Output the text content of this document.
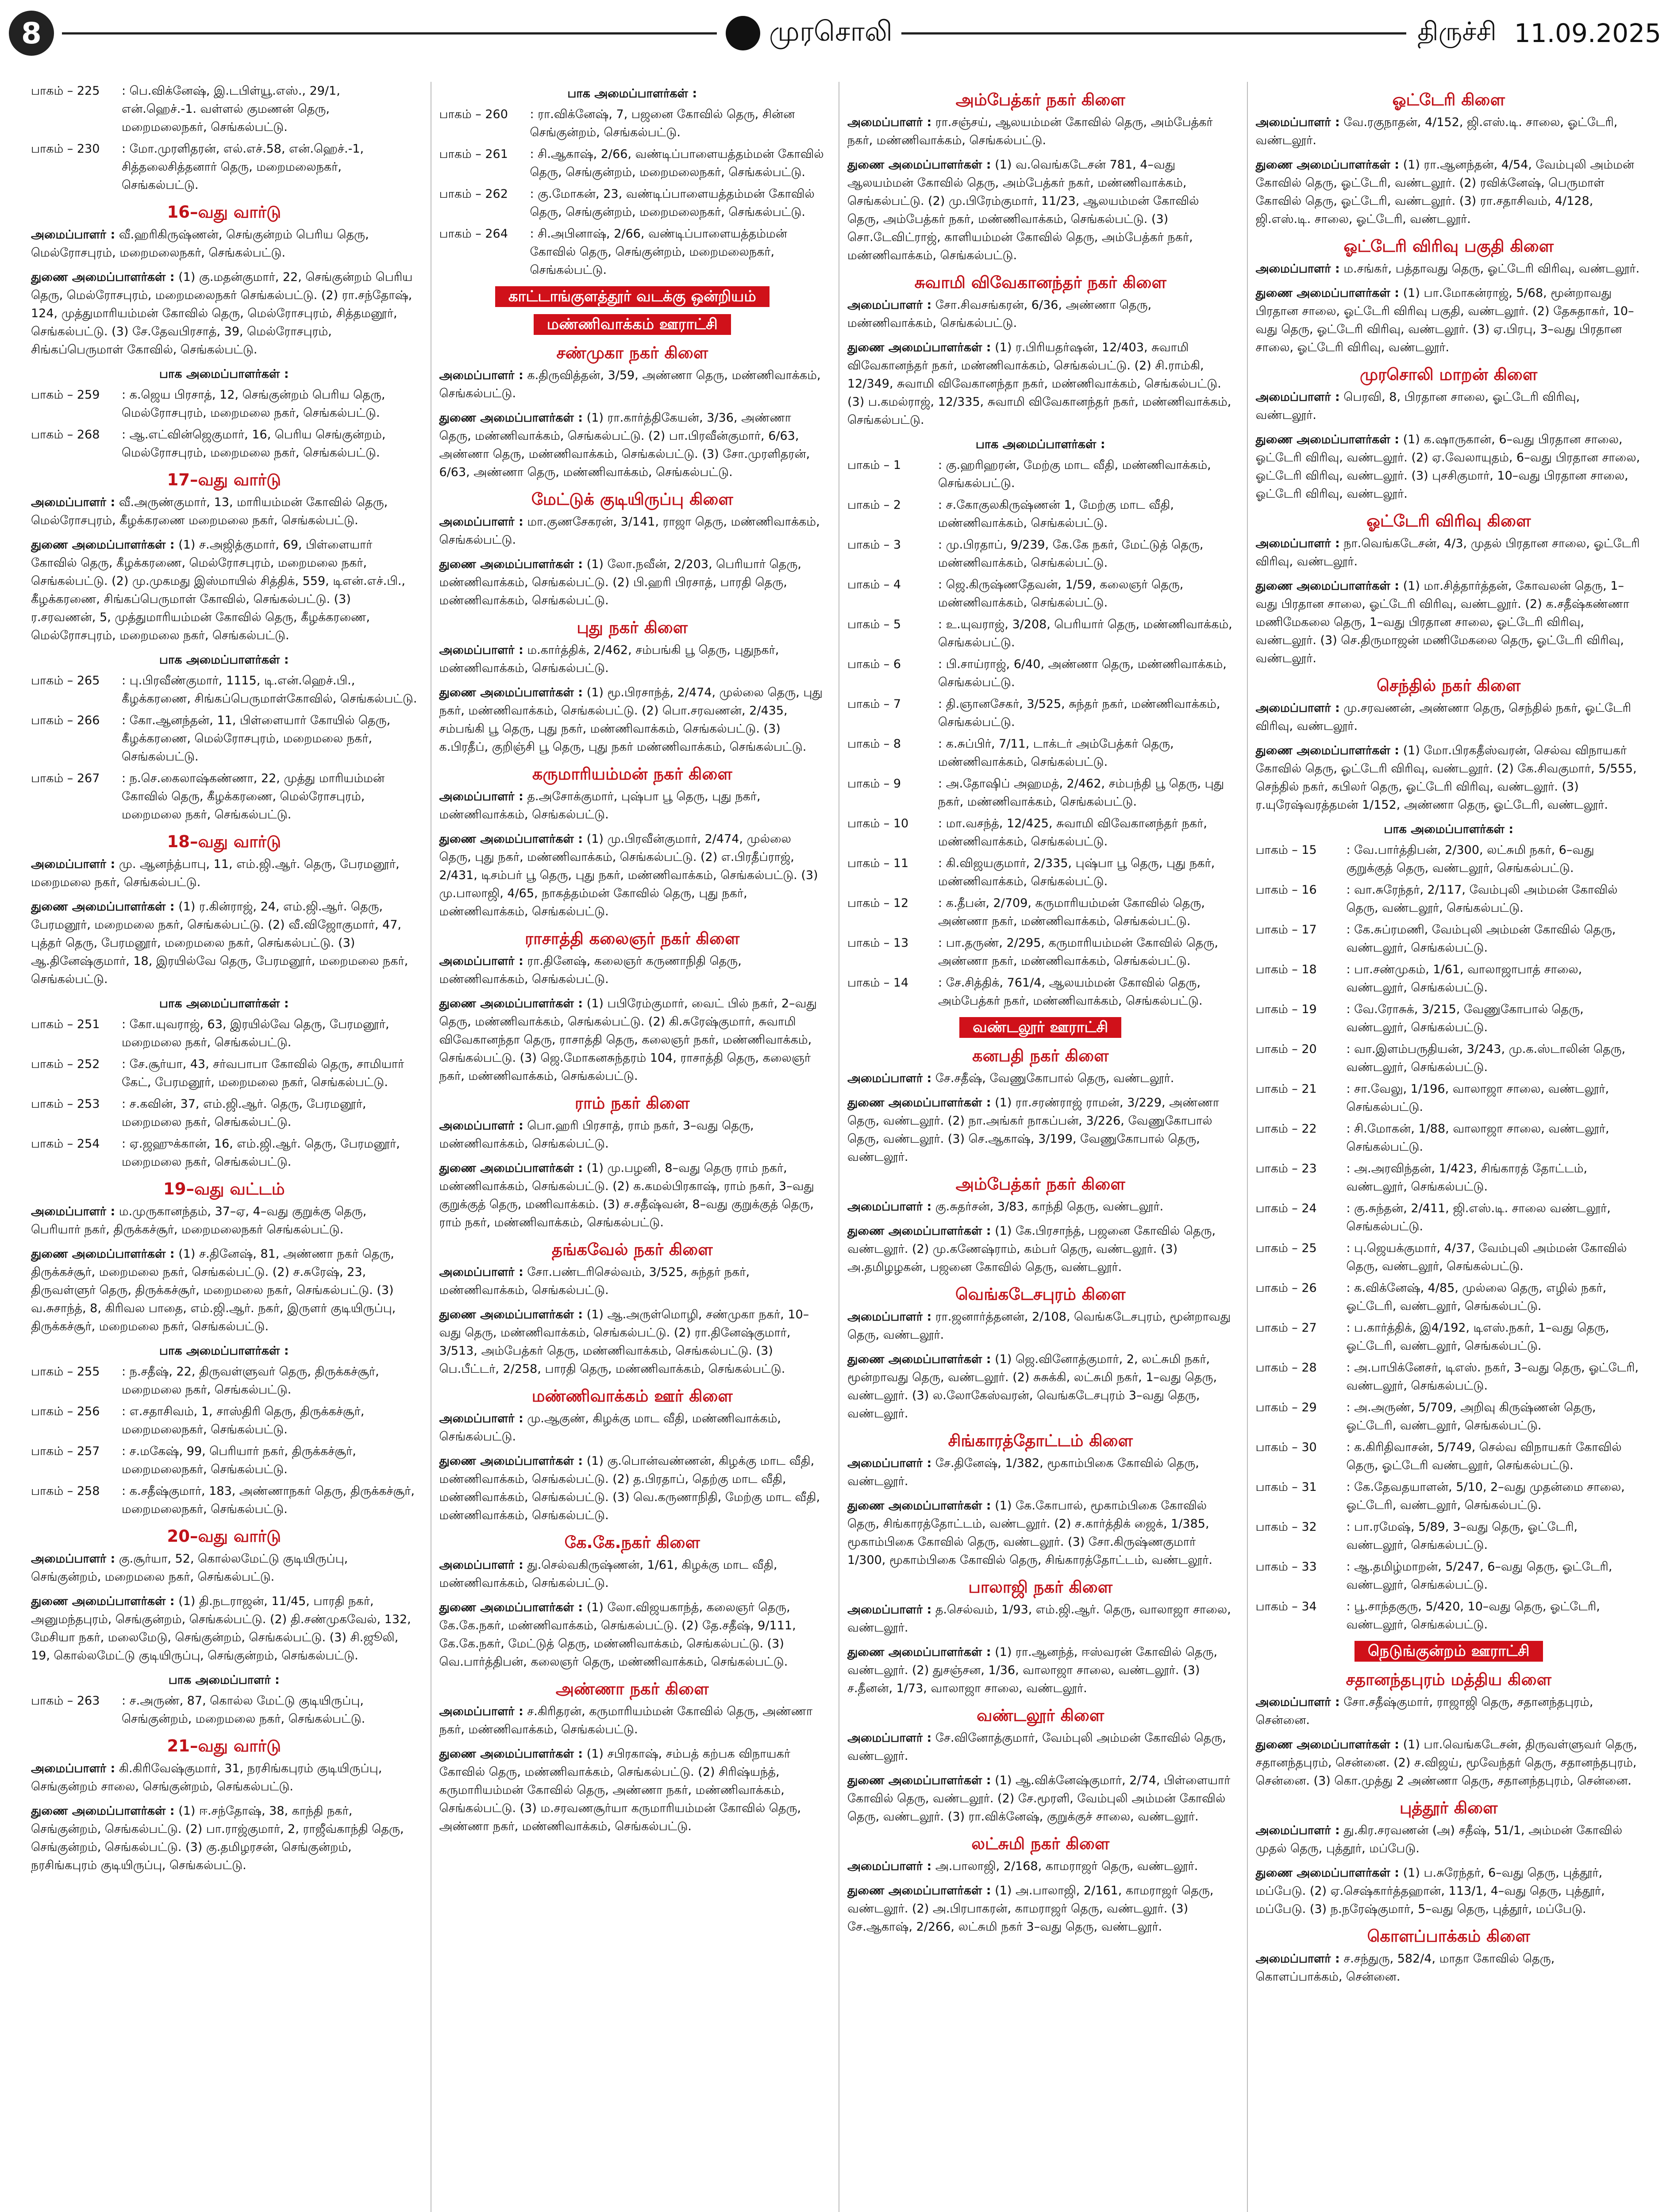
8	முரசொலி	திருச்சி 11.09.2025
பாகம் – 225	: பெ.விக்னேஷ், இ.டபிள்யூ.எஸ்., 29/1, என்.ஹெச்.-1. வள்ளல் குமணன் தெரு, மறைமலைநகர், செங்கல்பட்டு.
பாகம் – 230	: மோ.முரளிதரன், எல்.எச்.58, என்.ஹெச்.-1, சித்தலைசித்தனார் தெரு, மறைமலைநகர், செங்கல்பட்டு.
16–வது வார்டு
அமைப்பாளர் : வீ.ஹரிகிருஷ்ணன், செங்குன்றம் பெரிய தெரு, மெல்ரோசபுரம், மறைமலைநகர், செங்கல்பட்டு.
துணை அமைப்பாளர்கள் : (1) கு.மதன்குமார், 22, செங்குன்றம் பெரிய தெரு, மெல்ரோசபுரம், மறைமலைநகர் செங்கல்பட்டு. (2) ரா.சந்தோஷ், 124, முத்துமாரியம்மன் கோவில் தெரு, மெல்ரோசபுரம், சித்தமனூர், செங்கல்பட்டு. (3) சே.தேவபிரசாத், 39, மெல்ரோசபுரம், சிங்கப்பெருமாள் கோவில், செங்கல்பட்டு.
பாக அமைப்பாளர்கள் :
பாகம் – 259	: க.ஜெய பிரசாத், 12, செங்குன்றம் பெரிய தெரு, மெல்ரோசபுரம், மறைமலை நகர், செங்கல்பட்டு.
பாகம் – 268	: ஆ.எட்வின்ஜெகுமார், 16, பெரிய செங்குன்றம், மெல்ரோசபுரம், மறைமலை நகர், செங்கல்பட்டு.
17–வது வார்டு
அமைப்பாளர் : வீ.அருண்குமார், 13, மாரியம்மன் கோவில் தெரு, மெல்ரோசபுரம், கீழக்கரணை மறைமலை நகர், செங்கல்பட்டு.
துணை அமைப்பாளர்கள் : (1) ச.அஜித்குமார், 69, பிள்ளையார் கோவில் தெரு, கீழக்கரணை, மெல்ரோசபுரம், மறைமலை நகர், செங்கல்பட்டு. (2) மு.முகமது இஸ்மாயில் சித்திக், 559, டிஎன்.எச்.பி., கீழக்கரணை, சிங்கப்பெருமாள் கோவில், செங்கல்பட்டு. (3) ர.சரவணன், 5, முத்துமாரியம்மன் கோவில் தெரு, கீழக்கரணை, மெல்ரோசபுரம், மறைமலை நகர், செங்கல்பட்டு.
பாக அமைப்பாளர்கள் :
பாகம் – 265	: பு.பிரவீண்குமார், 1115, டி.என்.ஹெச்.பி., கீழக்கரணை, சிங்கப்பெருமாள்கோவில், செங்கல்பட்டு.
பாகம் – 266	: கோ.ஆனந்தன், 11, பிள்ளையார் கோயில் தெரு, கீழக்கரணை, மெல்ரோசபுரம், மறைமலை நகர், செங்கல்பட்டு.
பாகம் – 267	: ந.செ.கைலாஷ்கண்ணா, 22, முத்து மாரியம்மன் கோவில் தெரு, கீழக்கரணை, மெல்ரோசபுரம், மறைமலை நகர், செங்கல்பட்டு.
18–வது வார்டு
அமைப்பாளர் : மு. ஆனந்த்பாபு, 11, எம்.ஜி.ஆர். தெரு, பேரமனூர், மறைமலை நகர், செங்கல்பட்டு.
துணை அமைப்பாளர்கள் : (1) ர.கின்ராஜ், 24, எம்.ஜி.ஆர். தெரு, பேரமனூர், மறைமலை நகர், செங்கல்பட்டு. (2) வீ.விஜோகுமார், 47, புத்தர் தெரு, பேரமனூர், மறைமலை நகர், செங்கல்பட்டு. (3) ஆ.தினேஷ்குமார், 18, இரயில்வே தெரு, பேரமனூர், மறைமலை நகர், செங்கல்பட்டு.
பாக அமைப்பாளர்கள் :
பாகம் – 251	: கோ.யுவராஜ், 63, இரயில்வே தெரு, பேரமனூர், மறைமலை நகர், செங்கல்பட்டு.
பாகம் – 252	: சே.சூர்யா, 43, சர்வபாபா கோவில் தெரு, சாமியார் கேட், பேரமனூர், மறைமலை நகர், செங்கல்பட்டு.
பாகம் – 253	: ச.கவின், 37, எம்.ஜி.ஆர். தெரு, பேரமனூர், மறைமலை நகர், செங்கல்பட்டு.
பாகம் – 254	: ஏ.ஜஹுக்கான், 16, எம்.ஜி.ஆர். தெரு, பேரமனூர், மறைமலை நகர், செங்கல்பட்டு.
19–வது வட்டம்
அமைப்பாளர் : ம.முருகானந்தம், 37–ஏ, 4–வது குறுக்கு தெரு, பெரியார் நகர், திருக்கச்சூர், மறைமலைநகர் செங்கல்பட்டு.
துணை அமைப்பாளர்கள் : (1) ச.தினேஷ், 81, அண்ணா நகர் தெரு, திருக்கச்சூர், மறைமலை நகர், செங்கல்பட்டு. (2) ச.சுரேஷ், 23, திருவள்ளுர் தெரு, திருக்கச்சூர், மறைமலை நகர், செங்கல்பட்டு. (3) வ.சுசாந்த், 8, கிரிவல பாதை, எம்.ஜி.ஆர். நகர், இருளர் குடியிருப்பு, திருக்கச்சூர், மறைமலை நகர், செங்கல்பட்டு.
பாக அமைப்பாளர்கள் :
பாகம் – 255	: ந.சதீஷ், 22, திருவள்ளுவர் தெரு, திருக்கச்சூர், மறைமலை நகர், செங்கல்பட்டு.
பாகம் – 256	: எ.சதாசிவம், 1, சாஸ்திரி தெரு, திருக்கச்சூர், மறைமலைநகர், செங்கல்பட்டு.
பாகம் – 257	: ச.மகேஷ், 99, பெரியார் நகர், திருக்கச்சூர், மறைமலைநகர், செங்கல்பட்டு.
பாகம் – 258	: க.சதீஷ்குமார், 183, அண்ணாநகர் தெரு, திருக்கச்சூர், மறைமலைநகர், செங்கல்பட்டு.
20–வது வார்டு
அமைப்பாளர் : கு.சூர்யா, 52, கொல்லமேட்டு குடியிருப்பு, செங்குன்றம், மறைமலை நகர், செங்கல்பட்டு.
துணை அமைப்பாளர்கள் : (1) தி.நடராஜன், 11/45, பாரதி நகர், அனுமந்தபுரம், செங்குன்றம், செங்கல்பட்டு. (2) தி.சண்முகவேல், 132, மேசியா நகர், மலைமேடு, செங்குன்றம், செங்கல்பட்டு. (3) சி.ஜூலி, 19, கொல்லமேட்டு குடியிருப்பு, செங்குன்றம், செங்கல்பட்டு.
பாக அமைப்பாளர் :
பாகம் – 263	: ச.அருண், 87, கொல்ல மேட்டு குடியிருப்பு, செங்குன்றம், மறைமலை நகர், செங்கல்பட்டு.
21–வது வார்டு
அமைப்பாளர் : கி.கிரிவேஷ்குமார், 31, நரசிங்கபுரம் குடியிருப்பு, செங்குன்றம் சாலை, செங்குன்றம், செங்கல்பட்டு.
துணை அமைப்பாளர்கள் : (1) ஈ.சந்தோஷ், 38, காந்தி நகர், செங்குன்றம், செங்கல்பட்டு. (2) பா.ராஜ்குமார், 2, ராஜீவ்காந்தி தெரு, செங்குன்றம், செங்கல்பட்டு. (3) கு.தமிழரசன், செங்குன்றம், நரசிங்கபுரம் குடியிருப்பு, செங்கல்பட்டு.
பாக அமைப்பாளர்கள் :
பாகம் – 260	: ரா.விக்னேஷ், 7, பஜனை கோவில் தெரு, சின்ன செங்குன்றம், செங்கல்பட்டு.
பாகம் – 261	: சி.ஆகாஷ், 2/66, வண்டிப்பாளையத்தம்மன் கோவில் தெரு, செங்குன்றம், மறைமலைநகர், செங்கல்பட்டு.
பாகம் – 262	: கு.மோகன், 23, வண்டிப்பாளையத்தம்மன் கோவில் தெரு, செங்குன்றம், மறைமலைநகர், செங்கல்பட்டு.
பாகம் – 264	: சி.அபினாஷ், 2/66, வண்டிப்பாளையத்தம்மன் கோவில் தெரு, செங்குன்றம், மறைமலைநகர், செங்கல்பட்டு.
காட்டாங்குளத்தூர் வடக்கு ஒன்றியம்
மண்ணிவாக்கம் ஊராட்சி
சண்முகா நகர் கிளை
அமைப்பாளர் : க.திருவித்தன், 3/59, அண்ணா தெரு, மண்ணிவாக்கம், செங்கல்பட்டு.
துணை அமைப்பாளர்கள் : (1) ரா.கார்த்திகேயன், 3/36, அண்ணா தெரு, மண்ணிவாக்கம், செங்கல்பட்டு. (2) பா.பிரவீன்குமார், 6/63, அண்ணா தெரு, மண்ணிவாக்கம், செங்கல்பட்டு. (3) சோ.முரளிதரன், 6/63, அண்ணா தெரு, மண்ணிவாக்கம், செங்கல்பட்டு.
மேட்டுக் குடியிருப்பு கிளை
அமைப்பாளர் : மா.குணசேகரன், 3/141, ராஜா தெரு, மண்ணிவாக்கம், செங்கல்பட்டு.
துணை அமைப்பாளர்கள் : (1) லோ.நவீன், 2/203, பெரியார் தெரு, மண்ணிவாக்கம், செங்கல்பட்டு. (2) பி.ஹரி பிரசாத், பாரதி தெரு, மண்ணிவாக்கம், செங்கல்பட்டு.
புது நகர் கிளை
அமைப்பாளர் : ம.கார்த்திக், 2/462, சம்பங்கி பூ தெரு, புதுநகர், மண்ணிவாக்கம், செங்கல்பட்டு.
துணை அமைப்பாளர்கள் : (1) மூ.பிரசாந்த், 2/474, முல்லை தெரு, புது நகர், மண்ணிவாக்கம், செங்கல்பட்டு. (2) பொ.சரவணன், 2/435, சம்பங்கி பூ தெரு, புது நகர், மண்ணிவாக்கம், செங்கல்பட்டு. (3) க.பிரதீப், குறிஞ்சி பூ தெரு, புது நகர் மண்ணிவாக்கம், செங்கல்பட்டு.
கருமாரியம்மன் நகர் கிளை
அமைப்பாளர் : த.அசோக்குமார், புஷ்பா பூ தெரு, புது நகர், மண்ணிவாக்கம், செங்கல்பட்டு.
துணை அமைப்பாளர்கள் : (1) மு.பிரவீன்குமார், 2/474, முல்லை தெரு, புது நகர், மண்ணிவாக்கம், செங்கல்பட்டு. (2) எ.பிரதீப்ராஜ், 2/431, டிசம்பர் பூ தெரு, புது நகர், மண்ணிவாக்கம், செங்கல்பட்டு. (3) மு.பாலாஜி, 4/65, நாகத்தம்மன் கோவில் தெரு, புது நகர், மண்ணிவாக்கம், செங்கல்பட்டு.
ராசாத்தி கலைஞர் நகர் கிளை
அமைப்பாளர் : ரா.தினேஷ், கலைஞர் கருணாநிதி தெரு, மண்ணிவாக்கம், செங்கல்பட்டு.
துணை அமைப்பாளர்கள் : (1) பபிரேம்குமார், வைட் பில் நகர், 2–வது தெரு, மண்ணிவாக்கம், செங்கல்பட்டு. (2) கி.சுரேஷ்குமார், சுவாமி விவேகானந்தா தெரு, ராசாத்தி தெரு, கலைஞர் நகர், மண்ணிவாக்கம், செங்கல்பட்டு. (3) ஜெ.மோகனசுந்தரம் 104, ராசாத்தி தெரு, கலைஞர் நகர், மண்ணிவாக்கம், செங்கல்பட்டு.
ராம் நகர் கிளை
அமைப்பாளர் : பொ.ஹரி பிரசாத், ராம் நகர், 3–வது தெரு, மண்ணிவாக்கம், செங்கல்பட்டு.
துணை அமைப்பாளர்கள் : (1) மு.பழனி, 8–வது தெரு ராம் நகர், மண்ணிவாக்கம், செங்கல்பட்டு. (2) க.கமல்பிரகாஷ், ராம் நகர், 3–வது குறுக்குத் தெரு, மணிவாக்கம். (3) ச.சதீஷ்வன், 8–வது குறுக்குத் தெரு, ராம் நகர், மண்ணிவாக்கம், செங்கல்பட்டு.
தங்கவேல் நகர் கிளை
அமைப்பாளர் : சோ.பண்டரிசெல்வம், 3/525, சுந்தர் நகர், மண்ணிவாக்கம், செங்கல்பட்டு.
துணை அமைப்பாளர்கள் : (1) ஆ.அருள்மொழி, சண்முகா நகர், 10–வது தெரு, மண்ணிவாக்கம், செங்கல்பட்டு. (2) ரா.தினேஷ்குமார், 3/513, அம்பேத்கர் தெரு, மண்ணிவாக்கம், செங்கல்பட்டு. (3) பெ.பீட்டர், 2/258, பாரதி தெரு, மண்ணிவாக்கம், செங்கல்பட்டு.
மண்ணிவாக்கம் ஊர் கிளை
அமைப்பாளர் : மு.ஆகுண், கிழக்கு மாட வீதி, மண்ணிவாக்கம், செங்கல்பட்டு.
துணை அமைப்பாளர்கள் : (1) கு.பொன்வண்ணன், கிழக்கு மாட வீதி, மண்ணிவாக்கம், செங்கல்பட்டு. (2) த.பிரதாப், தெற்கு மாட வீதி, மண்ணிவாக்கம், செங்கல்பட்டு. (3) வெ.கருணாநிதி, மேற்கு மாட வீதி, மண்ணிவாக்கம், செங்கல்பட்டு.
கே.கே.நகர் கிளை
அமைப்பாளர் : து.செல்வகிருஷ்ணன், 1/61, கிழக்கு மாட வீதி, மண்ணிவாக்கம், செங்கல்பட்டு.
துணை அமைப்பாளர்கள் : (1) லோ.விஜயகாந்த், கலைஞர் தெரு, கே.கே.நகர், மண்ணிவாக்கம், செங்கல்பட்டு. (2) தே.சதீஷ், 9/111, கே.கே.நகர், மேட்டுத் தெரு, மண்ணிவாக்கம், செங்கல்பட்டு. (3) வெ.பார்த்திபன், கலைஞர் தெரு, மண்ணிவாக்கம், செங்கல்பட்டு.
அண்ணா நகர் கிளை
அமைப்பாளர் : ச.கிரிதரன், கருமாரியம்மன் கோவில் தெரு, அண்ணா நகர், மண்ணிவாக்கம், செங்கல்பட்டு.
துணை அமைப்பாளர்கள் : (1) சபிரகாஷ், சம்பத் கற்பக விநாயகர் கோவில் தெரு, மண்ணிவாக்கம், செங்கல்பட்டு. (2) சிரிஷ்யந்த், கருமாரியம்மன் கோவில் தெரு, அண்ணா நகர், மண்ணிவாக்கம், செங்கல்பட்டு. (3) ம.சரவணசூர்யா கருமாரியம்மன் கோவில் தெரு, அண்ணா நகர், மண்ணிவாக்கம், செங்கல்பட்டு.
அம்பேத்கர் நகர் கிளை
அமைப்பாளர் : ரா.சஞ்சய், ஆலயம்மன் கோவில் தெரு, அம்பேத்கர் நகர், மண்ணிவாக்கம், செங்கல்பட்டு.
துணை அமைப்பாளர்கள் : (1) வ.வெங்கடேசன் 781, 4–வது ஆலயம்மன் கோவில் தெரு, அம்பேத்கர் நகர், மண்ணிவாக்கம், செங்கல்பட்டு. (2) மு.பிரேம்குமார், 11/23, ஆலயம்மன் கோவில் தெரு, அம்பேத்கர் நகர், மண்ணிவாக்கம், செங்கல்பட்டு. (3) சொ.டேவிட்ராஜ், காளியம்மன் கோவில் தெரு, அம்பேத்கர் நகர், மண்ணிவாக்கம், செங்கல்பட்டு.
சுவாமி விவேகானந்தர் நகர் கிளை
அமைப்பாளர் : சோ.சிவசங்கரன், 6/36, அண்ணா தெரு, மண்ணிவாக்கம், செங்கல்பட்டு.
துணை அமைப்பாளர்கள் : (1) ர.பிரியதர்ஷன், 12/403, சுவாமி விவேகானந்தர் நகர், மண்ணிவாக்கம், செங்கல்பட்டு. (2) சி.ராம்கி, 12/349, சுவாமி விவேகானந்தா நகர், மண்ணிவாக்கம், செங்கல்பட்டு. (3) ப.கமல்ராஜ், 12/335, சுவாமி விவேகானந்தர் நகர், மண்ணிவாக்கம், செங்கல்பட்டு.
பாக அமைப்பாளர்கள் :
பாகம் – 1	: கு.ஹரிஹரன், மேற்கு மாட வீதி, மண்ணிவாக்கம், செங்கல்பட்டு.
பாகம் – 2	: ச.கோகுலகிருஷ்ணன் 1, மேற்கு மாட வீதி, மண்ணிவாக்கம், செங்கல்பட்டு.
பாகம் – 3	: மு.பிரதாப், 9/239, கே.கே நகர், மேட்டுத் தெரு, மண்ணிவாக்கம், செங்கல்பட்டு.
பாகம் – 4	: ஜெ.கிருஷ்ணதேவன், 1/59, கலைஞர் தெரு, மண்ணிவாக்கம், செங்கல்பட்டு.
பாகம் – 5	: உ.யுவராஜ், 3/208, பெரியார் தெரு, மண்ணிவாக்கம், செங்கல்பட்டு.
பாகம் – 6	: பி.சாய்ராஜ், 6/40, அண்ணா தெரு, மண்ணிவாக்கம், செங்கல்பட்டு.
பாகம் – 7	: தி.ஞானசேகர், 3/525, சுந்தர் நகர், மண்ணிவாக்கம், செங்கல்பட்டு.
பாகம் – 8	: க.சுப்பிர், 7/11, டாக்டர் அம்பேத்கர் தெரு, மண்ணிவாக்கம், செங்கல்பட்டு.
பாகம் – 9	: அ.தோஷிப் அஹமத், 2/462, சம்பந்தி பூ தெரு, புது நகர், மண்ணிவாக்கம், செங்கல்பட்டு.
பாகம் – 10	: மா.வசந்த், 12/425, சுவாமி விவேகானந்தர் நகர், மண்ணிவாக்கம், செங்கல்பட்டு.
பாகம் – 11	: கி.விஜயகுமார், 2/335, புஷ்பா பூ தெரு, புது நகர், மண்ணிவாக்கம், செங்கல்பட்டு.
பாகம் – 12	: க.தீபன், 2/709, கருமாரியம்மன் கோவில் தெரு, அண்ணா நகர், மண்ணிவாக்கம், செங்கல்பட்டு.
பாகம் – 13	: பா.தருண், 2/295, கருமாரியம்மன் கோவில் தெரு, அண்ணா நகர், மண்ணிவாக்கம், செங்கல்பட்டு.
பாகம் – 14	: சே.சித்திக், 761/4, ஆலயம்மன் கோவில் தெரு, அம்பேத்கர் நகர், மண்ணிவாக்கம், செங்கல்பட்டு.
வண்டலூர் ஊராட்சி
கனபதி நகர் கிளை
அமைப்பாளர் : சே.சதீஷ், வேணுகோபால் தெரு, வண்டலூர்.
துணை அமைப்பாளர்கள் : (1) ரா.சரண்ராஜ் ராமன், 3/229, அண்ணா தெரு, வண்டலூர். (2) நா.அங்கர் நாகப்பன், 3/226, வேணுகோபால் தெரு, வண்டலூர். (3) செ.ஆகாஷ், 3/199, வேணுகோபால் தெரு, வண்டலூர்.
அம்பேத்கர் நகர் கிளை
அமைப்பாளர் : கு.சுதர்சன், 3/83, காந்தி தெரு, வண்டலூர்.
துணை அமைப்பாளர்கள் : (1) கே.பிரசாந்த், பஜனை கோவில் தெரு, வண்டலூர். (2) மு.கணேஷ்ராம், கம்பர் தெரு, வண்டலூர். (3) அ.தமிழழகன், பஜனை கோவில் தெரு, வண்டலூர்.
வெங்கடேசபுரம் கிளை
அமைப்பாளர் : ரா.ஜனார்த்தனன், 2/108, வெங்கடேசபுரம், மூன்றாவது தெரு, வண்டலூர்.
துணை அமைப்பாளர்கள் : (1) ஜெ.வினோத்குமார், 2, லட்சுமி நகர், மூன்றாவது தெரு, வண்டலூர். (2) சுசுக்கி, லட்சுமி நகர், 1–வது தெரு, வண்டலூர். (3) ல.லோகேஸ்வரன், வெங்கடேசபுரம் 3–வது தெரு, வண்டலூர்.
சிங்காரத்தோட்டம் கிளை
அமைப்பாளர் : சே.தினேஷ், 1/382, மூகாம்பிகை கோவில் தெரு, வண்டலூர்.
துணை அமைப்பாளர்கள் : (1) கே.கோபால், மூகாம்பிகை கோவில் தெரு, சிங்காரத்தோட்டம், வண்டலூர். (2) ச.கார்த்திக் ஜைக், 1/385, மூகாம்பிகை கோவில் தெரு, வண்டலூர். (3) சோ.கிருஷ்ணகுமார் 1/300, மூகாம்பிகை கோவில் தெரு, சிங்காரத்தோட்டம், வண்டலூர்.
பாலாஜி நகர் கிளை
அமைப்பாளர் : த.செல்வம், 1/93, எம்.ஜி.ஆர். தெரு, வாலாஜா சாலை, வண்டலூர்.
துணை அமைப்பாளர்கள் : (1) ரா.ஆனந்த், ஈஸ்வரன் கோவில் தெரு, வண்டலூர். (2) துசஞ்சன, 1/36, வாலாஜா சாலை, வண்டலூர். (3) ச.தீனன், 1/73, வாலாஜா சாலை, வண்டலூர்.
வண்டலூர் கிளை
அமைப்பாளர் : சே.வினோத்குமார், வேம்புலி அம்மன் கோவில் தெரு, வண்டலூர்.
துணை அமைப்பாளர்கள் : (1) ஆ.விக்னேஷ்குமார், 2/74, பிள்ளையார் கோவில் தெரு, வண்டலூர். (2) சே.மூரளி, வேம்புலி அம்மன் கோவில் தெரு, வண்டலூர். (3) ரா.விக்னேஷ், குறுக்குச் சாலை, வண்டலூர்.
லட்சுமி நகர் கிளை
அமைப்பாளர் : அ.பாலாஜி, 2/168, காமராஜர் தெரு, வண்டலூர்.
துணை அமைப்பாளர்கள் : (1) அ.பாலாஜி, 2/161, காமராஜர் தெரு, வண்டலூர். (2) அ.பிரபாகரன், காமராஜர் தெரு, வண்டலூர். (3) சே.ஆகாஷ், 2/266, லட்சுமி நகர் 3–வது தெரு, வண்டலூர்.
ஓட்டேரி கிளை
அமைப்பாளர் : வே.ரகுநாதன், 4/152, ஜி.எஸ்.டி. சாலை, ஓட்டேரி, வண்டலூர்.
துணை அமைப்பாளர்கள் : (1) ரா.ஆனந்தன், 4/54, வேம்புலி அம்மன் கோவில் தெரு, ஓட்டேரி, வண்டலூர். (2) ரவிக்னேஷ், பெருமாள் கோவில் தெரு, ஓட்டேரி, வண்டலூர். (3) ரா.சதாசிவம், 4/128, ஜி.எஸ்.டி. சாலை, ஓட்டேரி, வண்டலூர்.
ஓட்டேரி விரிவு பகுதி கிளை
அமைப்பாளர் : ம.சங்கர், பத்தாவது தெரு, ஓட்டேரி விரிவு, வண்டலூர்.
துணை அமைப்பாளர்கள் : (1) பா.மோகன்ராஜ், 5/68, மூன்றாவது பிரதான சாலை, ஓட்டேரி விரிவு பகுதி, வண்டலூர். (2) தேசுதாகர், 10–வது தெரு, ஓட்டேரி விரிவு, வண்டலூர். (3) ஏ.பிரபு, 3–வது பிரதான சாலை, ஓட்டேரி விரிவு, வண்டலூர்.
முரசொலி மாறன் கிளை
அமைப்பாளர் : பெரவி, 8, பிரதான சாலை, ஓட்டேரி விரிவு, வண்டலூர்.
துணை அமைப்பாளர்கள் : (1) க.ஷாருகான், 6–வது பிரதான சாலை, ஓட்டேரி விரிவு, வண்டலூர். (2) ஏ.வேலாயுதம், 6–வது பிரதான சாலை, ஓட்டேரி விரிவு, வண்டலூர். (3) புசசிகுமார், 10–வது பிரதான சாலை, ஓட்டேரி விரிவு, வண்டலூர்.
ஓட்டேரி விரிவு கிளை
அமைப்பாளர் : நா.வெங்கடேசன், 4/3, முதல் பிரதான சாலை, ஓட்டேரி விரிவு, வண்டலூர்.
துணை அமைப்பாளர்கள் : (1) மா.சித்தார்த்தன், கோவலன் தெரு, 1–வது பிரதான சாலை, ஓட்டேரி விரிவு, வண்டலூர். (2) க.சதீஷ்கண்ணா மணிமேகலை தெரு, 1–வது பிரதான சாலை, ஓட்டேரி விரிவு, வண்டலூர். (3) செ.திருமாஜன் மணிமேகலை தெரு, ஓட்டேரி விரிவு, வண்டலூர்.
செந்தில் நகர் கிளை
அமைப்பாளர் : மு.சரவணன், அண்ணா தெரு, செந்தில் நகர், ஓட்டேரி விரிவு, வண்டலூர்.
துணை அமைப்பாளர்கள் : (1) மோ.பிரகதீஸ்வரன், செல்வ விநாயகர் கோவில் தெரு, ஓட்டேரி விரிவு, வண்டலூர். (2) கே.சிவகுமார், 5/555, செந்தில் நகர், கபிலர் தெரு, ஓட்டேரி விரிவு, வண்டலூர். (3) ர.யுரேஷ்வரத்தமன் 1/152, அண்ணா தெரு, ஓட்டேரி, வண்டலூர்.
பாக அமைப்பாளர்கள் :
பாகம் – 15	: வே.பார்த்திபன், 2/300, லட்சுமி நகர், 6–வது குறுக்குத் தெரு, வண்டலூர், செங்கல்பட்டு.
பாகம் – 16	: வா.சுரேந்தர், 2/117, வேம்புலி அம்மன் கோவில் தெரு, வண்டலூர், செங்கல்பட்டு.
பாகம் – 17	: கே.சுப்ரமணி, வேம்புலி அம்மன் கோவில் தெரு, வண்டலூர், செங்கல்பட்டு.
பாகம் – 18	: பா.சண்முகம், 1/61, வாலாஜாபாத் சாலை, வண்டலூர், செங்கல்பட்டு.
பாகம் – 19	: வே.ரோசுக், 3/215, வேணுகோபால் தெரு, வண்டலூர், செங்கல்பட்டு.
பாகம் – 20	: வா.இளம்பருதியன், 3/243, மு.க.ஸ்டாலின் தெரு, வண்டலூர், செங்கல்பட்டு.
பாகம் – 21	: சா.வேலு, 1/196, வாலாஜா சாலை, வண்டலூர், செங்கல்பட்டு.
பாகம் – 22	: சி.மோகன், 1/88, வாலாஜா சாலை, வண்டலூர், செங்கல்பட்டு.
பாகம் – 23	: அ.அரவிந்தன், 1/423, சிங்காரத் தோட்டம், வண்டலூர், செங்கல்பட்டு.
பாகம் – 24	: கு.சுந்தன், 2/411, ஜி.எஸ்.டி. சாலை வண்டலூர், செங்கல்பட்டு.
பாகம் – 25	: பு.ஜெயக்குமார், 4/37, வேம்புலி அம்மன் கோவில் தெரு, வண்டலூர், செங்கல்பட்டு.
பாகம் – 26	: க.விக்னேஷ், 4/85, முல்லை தெரு, எழில் நகர், ஓட்டேரி, வண்டலூர், செங்கல்பட்டு.
பாகம் – 27	: ப.கார்த்திக், இ4/192, டிஎஸ்.நகர், 1–வது தெரு, ஓட்டேரி, வண்டலூர், செங்கல்பட்டு.
பாகம் – 28	: அ.பாபிக்னேசர், டிஎஸ். நகர், 3–வது தெரு, ஓட்டேரி, வண்டலூர், செங்கல்பட்டு.
பாகம் – 29	: அ.அருண், 5/709, அறிவு கிருஷ்ணன் தெரு, ஓட்டேரி, வண்டலூர், செங்கல்பட்டு.
பாகம் – 30	: க.கிரிதிவாசன், 5/749, செல்வ விநாயகர் கோவில் தெரு, ஓட்டேரி வண்டலூர், செங்கல்பட்டு.
பாகம் – 31	: கே.தேவதயாளன், 5/10, 2–வது முதன்மை சாலை, ஓட்டேரி, வண்டலூர், செங்கல்பட்டு.
பாகம் – 32	: பா.ரமேஷ், 5/89, 3–வது தெரு, ஓட்டேரி, வண்டலூர், செங்கல்பட்டு.
பாகம் – 33	: ஆ.தமிழ்மாறன், 5/247, 6–வது தெரு, ஓட்டேரி, வண்டலூர், செங்கல்பட்டு.
பாகம் – 34	: பூ.சாந்தகுரு, 5/420, 10–வது தெரு, ஓட்டேரி, வண்டலூர், செங்கல்பட்டு.
நெடுங்குன்றம் ஊராட்சி
சதானந்தபுரம் மத்திய கிளை
அமைப்பாளர் : சோ.சதீஷ்குமார், ராஜாஜி தெரு, சதானந்தபுரம், சென்னை.
துணை அமைப்பாளர்கள் : (1) பா.வெங்கடேசன், திருவள்ளுவர் தெரு, சதானந்தபுரம், சென்னை. (2) ச.விஜய், மூவேந்தர் தெரு, சதானந்தபுரம், சென்னை. (3) கொ.முத்து 2 அண்ணா தெரு, சதானந்தபுரம், சென்னை.
புத்தூர் கிளை
அமைப்பாளர் : து.கிர.சரவணன் (அ) சதீஷ், 51/1, அம்மன் கோவில் முதல் தெரு, புத்தூர், மப்பேடு.
துணை அமைப்பாளர்கள் : (1) ப.சுரேந்தர், 6–வது தெரு, புத்தூர், மப்பேடு. (2) ஏ.செஷ்கார்த்தஹான், 113/1, 4–வது தெரு, புத்தூர், மப்பேடு. (3) ந.நரேஷ்குமார், 5–வது தெரு, புத்தூர், மப்பேடு.
கொளப்பாக்கம் கிளை
அமைப்பாளர் : ச.சந்துரு, 582/4, மாதா கோவில் தெரு, கொளப்பாக்கம், சென்னை.
